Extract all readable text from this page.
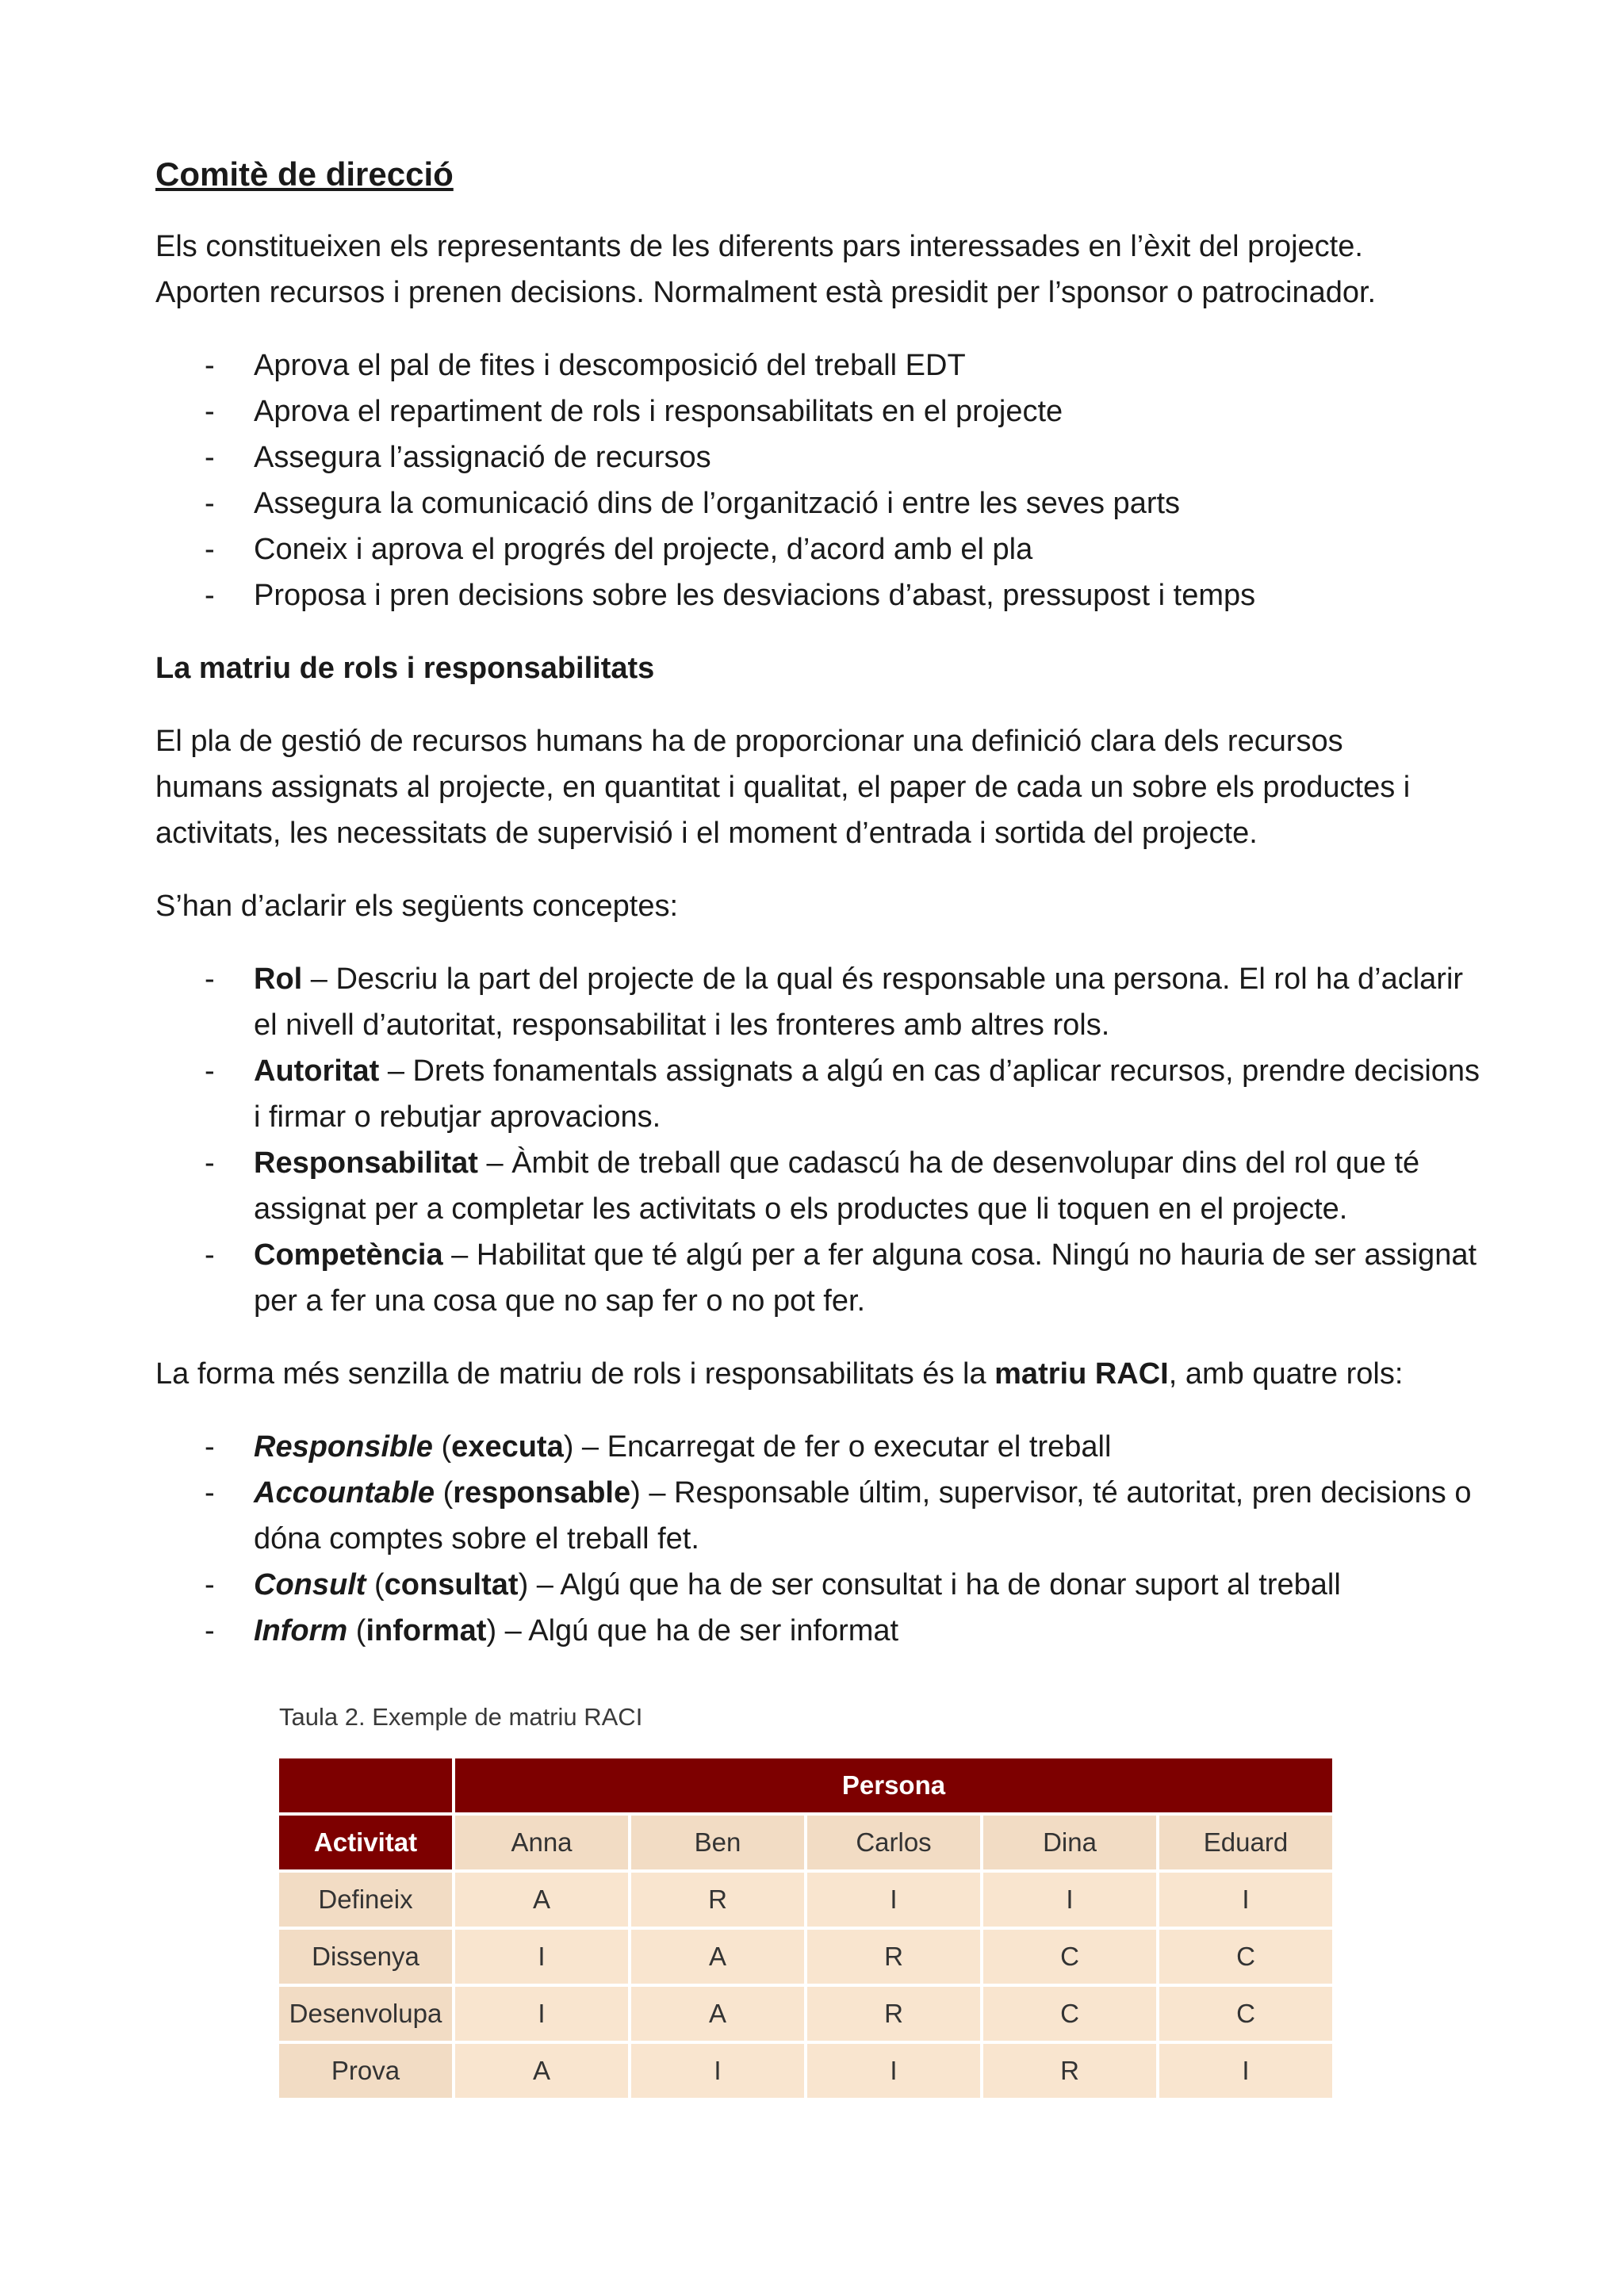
Comitè de direcció

Els constitueixen els representants de les diferents pars interessades en l’èxit del projecte. Aporten recursos i prenen decisions. Normalment està presidit per l’sponsor o patrocinador.

- Aprova el pal de fites i descomposició del treball EDT
- Aprova el repartiment de rols i responsabilitats en el projecte
- Assegura l’assignació de recursos
- Assegura la comunicació dins de l’organització i entre les seves parts
- Coneix i aprova el progrés del projecte, d’acord amb el pla
- Proposa i pren decisions sobre les desviacions d’abast, pressupost i temps

La matriu de rols i responsabilitats

El pla de gestió de recursos humans ha de proporcionar una definició clara dels recursos humans assignats al projecte, en quantitat i qualitat, el paper de cada un sobre els productes i activitats, les necessitats de supervisió i el moment d’entrada i sortida del projecte.

S’han d’aclarir els següents conceptes:

- Rol – Descriu la part del projecte de la qual és responsable una persona. El rol ha d’aclarir el nivell d’autoritat, responsabilitat i les fronteres amb altres rols.
- Autoritat – Drets fonamentals assignats a algú en cas d’aplicar recursos, prendre decisions i firmar o rebutjar aprovacions.
- Responsabilitat – Àmbit de treball que cadascú ha de desenvolupar dins del rol que té assignat per a completar les activitats o els productes que li toquen en el projecte.
- Competència – Habilitat que té algú per a fer alguna cosa. Ningú no hauria de ser assignat per a fer una cosa que no sap fer o no pot fer.

La forma més senzilla de matriu de rols i responsabilitats és la matriu RACI, amb quatre rols:

- Responsible (executa) – Encarregat de fer o executar el treball
- Accountable (responsable) – Responsable últim, supervisor, té autoritat, pren decisions o dóna comptes sobre el treball fet.
- Consult (consultat) – Algú que ha de ser consultat i ha de donar suport al treball
- Inform (informat) – Algú que ha de ser informat
Taula 2. Exemple de matriu RACI
	Persona				
Activitat	Anna	Ben	Carlos	Dina	Eduard
Defineix	A	R	I	I	I
Dissenya	I	A	R	C	C
Desenvolupa	I	A	R	C	C
Prova	A	I	I	R	I
